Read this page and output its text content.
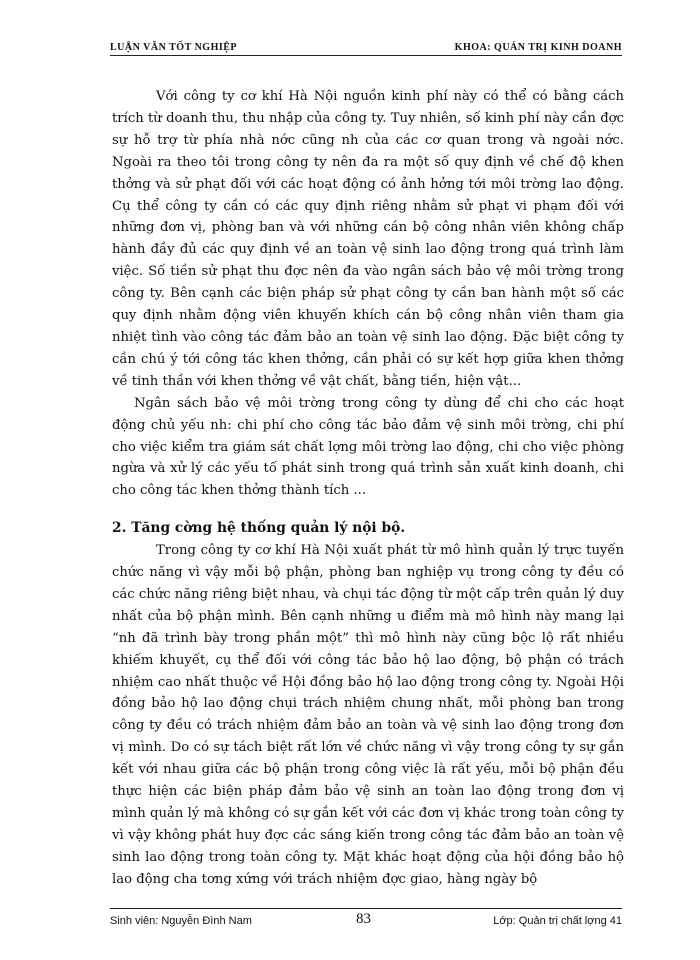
LUẬN VĂN TỐT NGHIỆP	KHOA: QUẢN TRỊ KINH DOANH

Với công ty cơ khí Hà Nội nguồn kinh phí này có thể có bằng cách trích từ doanh thu, thu nhập của công ty. Tuy nhiên, số kinh phí này cần đợc sự hỗ trợ từ phía nhà nớc cũng nh của các cơ quan trong và ngoài nớc. Ngoài ra theo tôi trong công ty nên đa ra một số quy định về chế độ khen thởng và sử phạt đối với các hoạt động có ảnh hởng tới môi trờng lao động. Cụ thể công ty cần có các quy định riêng nhằm sử phạt vi phạm đối với những đơn vị, phòng ban và với những cán bộ công nhân viên không chấp hành đầy đủ các quy định về an toàn vệ sinh lao động trong quá trình làm việc. Số tiền sử phạt thu đợc nên đa vào ngân sách bảo vệ môi trờng trong công ty. Bên cạnh các biện pháp sử phạt công ty cần ban hành một số các quy định nhằm động viên khuyến khích cán bộ công nhân viên tham gia nhiệt tình vào công tác đảm bảo an toàn vệ sinh lao động. Đặc biệt công ty cần chú ý tới công tác khen thởng, cần phải có sự kết hợp giữa khen thởng về tinh thần với khen thởng về vật chất, bằng tiền, hiện vật...

Ngân sách bảo vệ môi trờng trong công ty dùng để chi cho các hoạt động chủ yếu nh: chi phí cho công tác bảo đảm vệ sinh môi trờng, chi phí cho việc kiểm tra giám sát chất lợng môi trờng lao động, chi cho việc phòng ngừa và xử lý các yếu tố phát sinh trong quá trình sản xuất kinh doanh, chi cho công tác khen thởng thành tích ...

2. Tăng cờng hệ thống quản lý nội bộ.

Trong công ty cơ khí Hà Nội xuất phát từ mô hình quản lý trực tuyến chức năng vì vậy mỗi bộ phận, phòng ban nghiệp vụ trong công ty đều có các chức năng riêng biệt nhau, và chụi tác động từ một cấp trên quản lý duy nhất của bộ phận mình. Bên cạnh những u điểm mà mô hình này mang lại “nh đã trình bày trong phần một” thì mô hình này cũng bộc lộ rất nhiều khiếm khuyết, cụ thể đối với công tác bảo hộ lao động, bộ phận có trách nhiệm cao nhất thuộc về Hội đồng bảo hộ lao động trong công ty. Ngoài Hội đồng bảo hộ lao động chụi trách nhiệm chung nhất, mỗi phòng ban trong công ty đều có trách nhiệm đảm bảo an toàn và vệ sinh lao động trong đơn vị mình. Do có sự tách biệt rất lớn về chức năng vì vậy trong công ty sự gắn kết với nhau giữa các bộ phận trong công việc là rất yếu, mỗi bộ phận đều thực hiện các biện pháp đảm bảo vệ sinh an toàn lao động trong đơn vị mình quản lý mà không có sự gắn kết với các đơn vị khác trong toàn công ty vì vậy không phát huy đợc các sáng kiến trong công tác đảm bảo an toàn vệ sinh lao động trong toàn công ty. Mặt khác hoạt động của hội đồng bảo hộ lao động cha tơng xứng với trách nhiệm đợc giao, hàng ngày bộ

Sinh viên: Nguyễn Đình Nam	83	Lớp: Quản trị chất lợng 41
